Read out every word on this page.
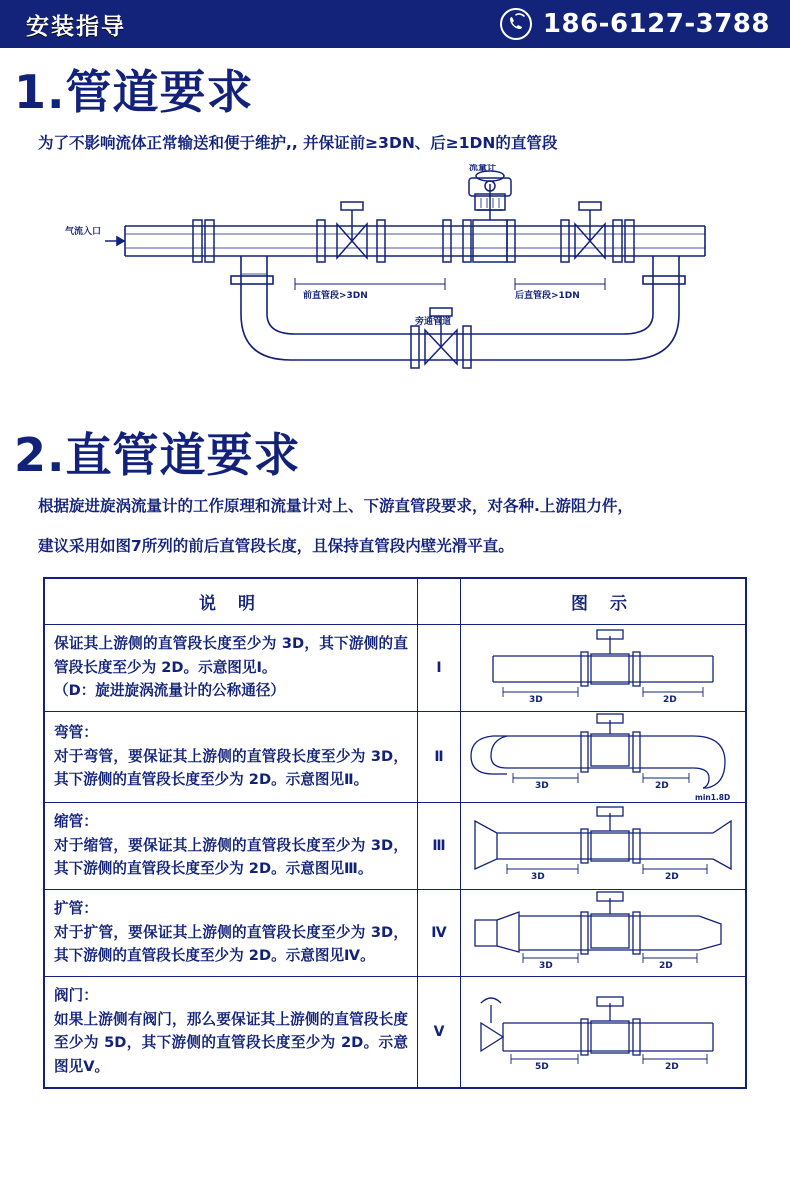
安装指导	186-6127-3788
1.管道要求
为了不影响流体正常输送和便于维护,, 并保证前≥3DN、后≥1DN的直管段
流量计
气流入口
前直管段>3DN	后直管段>1DN
旁通管道
2.直管道要求
根据旋进旋涡流量计的工作原理和流量计对上、下游直管段要求，对各种.上游阻力件，
建议采用如图7所列的前后直管段长度，且保持直管段内壁光滑平直。
说 明		图 示
保证其上游侧的直管段长度至少为 3D，其下游侧的直管段长度至少为 2D。示意图见Ⅰ。
（D：旋进旋涡流量计的公称通径）	Ⅰ	3D 2D

弯管：
对于弯管，要保证其上游侧的直管段长度至少为 3D，其下游侧的直管段长度至少为 2D。示意图见Ⅱ。	Ⅱ	3D 2D
min1.8D

缩管：
对于缩管，要保证其上游侧的直管段长度至少为 3D，其下游侧的直管段长度至少为 2D。示意图见Ⅲ。	Ⅲ	3D 2D

扩管：
对于扩管，要保证其上游侧的直管段长度至少为 3D，其下游侧的直管段长度至少为 2D。示意图见Ⅳ。	Ⅳ	3D 2D

阀门：
如果上游侧有阀门，那么要保证其上游侧的直管段长度至少为 5D，其下游侧的直管段长度至少为 2D。示意图见Ⅴ。	Ⅴ	5D 2D
